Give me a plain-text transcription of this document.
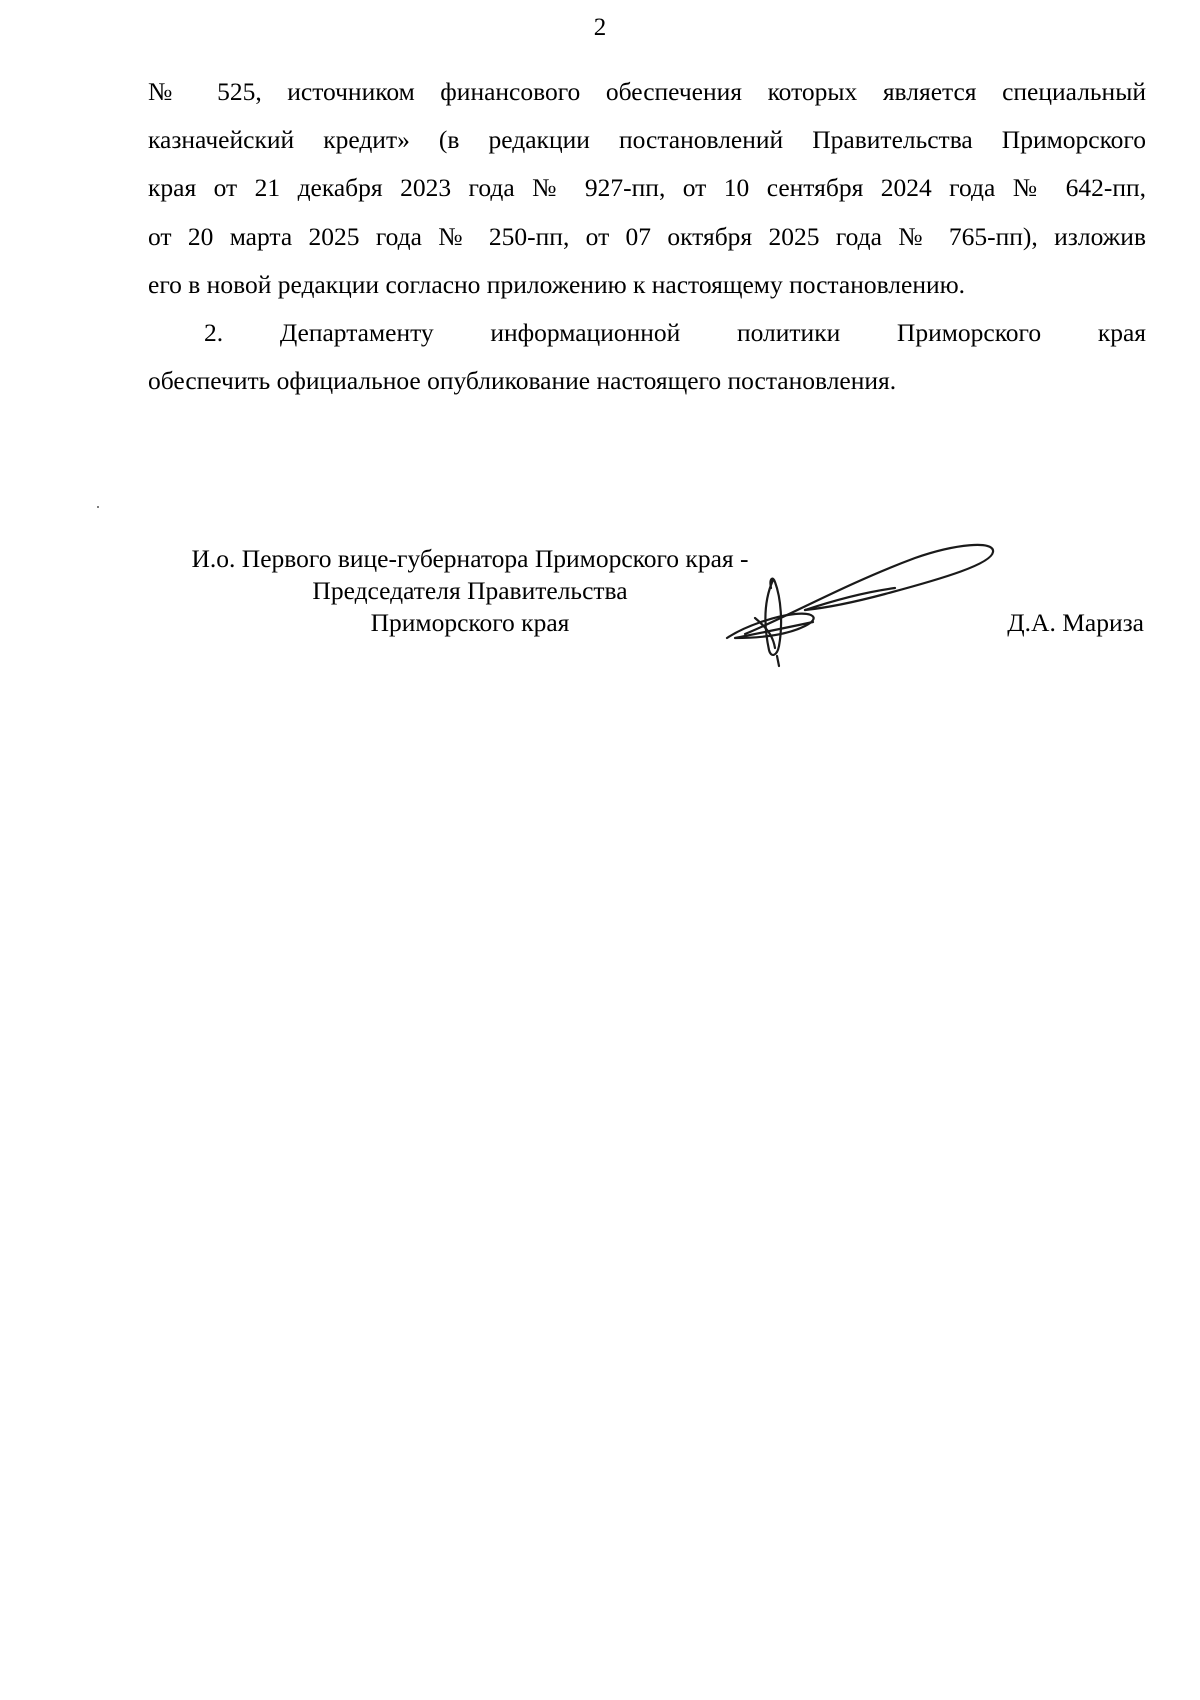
2

№ 525, источником финансового обеспечения которых является специальный

казначейский кредит» (в редакции постановлений Правительства Приморского

края от 21 декабря 2023 года № 927-пп, от 10 сентября 2024 года № 642-пп,

от 20 марта 2025 года № 250-пп, от 07 октября 2025 года № 765-пп), изложив

его в новой редакции согласно приложению к настоящему постановлению.

2. Департаменту информационной политики Приморского края

обеспечить официальное опубликование настоящего постановления.

И.о. Первого вице-губернатора Приморского края -
Председателя Правительства
Приморского края	Д.А. Мариза
